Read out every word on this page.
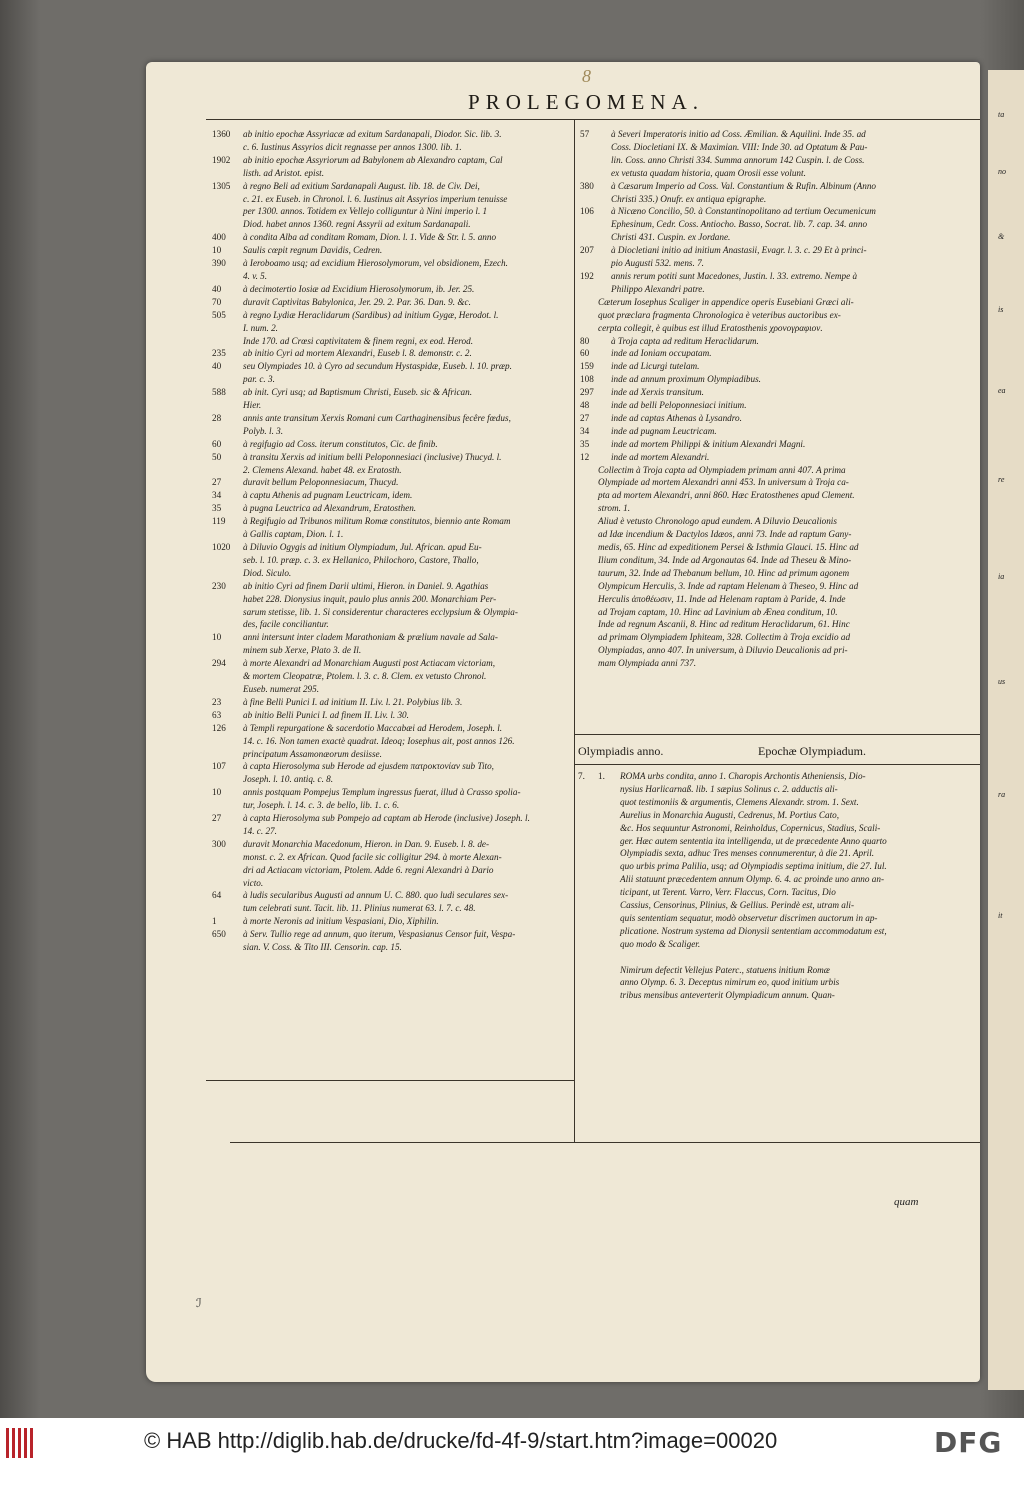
ta
no
&
is
ea
re
ia
us
ra
it
8
PROLEGOMENA.
1360	ab initio epochæ Assyriacæ ad exitum Sardanapali, Diodor. Sic. lib. 3.
c. 6. Iustinus Assyrios dicit regnasse per annos 1300. lib. 1.
1902	ab initio epochæ Assyriorum ad Babylonem ab Alexandro captam, Cal
listh. ad Aristot. epist.
1305	à regno Beli ad exitium Sardanapali August. lib. 18. de Civ. Dei,
c. 21. ex Euseb. in Chronol. l. 6. Iustinus ait Assyrios imperium tenuisse
per 1300. annos. Totidem ex Vellejo colliguntur à Nini imperio l. 1
Diod. habet annos 1360. regni Assyrii ad exitum Sardanapali.
400	à condita Alba ad conditam Romam, Dion. l. 1. Vide & Str. l. 5. anno
10	Saulis cœpit regnum Davidis, Cedren.
390	à Ieroboamo usq; ad excidium Hierosolymorum, vel obsidionem, Ezech.
4. v. 5.
40	à decimotertio Iosiæ ad Excidium Hierosolymorum, ib. Jer. 25.
70	duravit Captivitas Babylonica, Jer. 29. 2. Par. 36. Dan. 9. &c.
505	à regno Lydiæ Heraclidarum (Sardibus) ad initium Gygæ, Herodot. l.
I. num. 2.
Inde 170. ad Crœsi captivitatem & finem regni, ex eod. Herod.
235	ab initio Cyri ad mortem Alexandri, Euseb l. 8. demonstr. c. 2.
40	seu Olympiades 10. à Cyro ad secundum Hystaspidæ, Euseb. l. 10. præp.
par. c. 3.
588	ab init. Cyri usq; ad Baptismum Christi, Euseb. sic & African.
Hier.
28	annis ante transitum Xerxis Romani cum Carthaginensibus fecêre fœdus,
Polyb. l. 3.
60	à regifugio ad Coss. iterum constitutos, Cic. de finib.
50	à transitu Xerxis ad initium belli Peloponnesiaci (inclusive) Thucyd. l.
2. Clemens Alexand. habet 48. ex Eratosth.
27	duravit bellum Peloponnesiacum, Thucyd.
34	à captu Athenis ad pugnam Leuctricam, idem.
35	à pugna Leuctrica ad Alexandrum, Eratosthen.
119	à Regifugio ad Tribunos militum Romæ constitutos, biennio ante Romam
à Gallis captam, Dion. l. 1.
1020	à Diluvio Ogygis ad initium Olympiadum, Jul. African. apud Eu-
seb. l. 10. præp. c. 3. ex Hellanico, Philochoro, Castore, Thallo,
Diod. Siculo.
230	ab initio Cyri ad finem Darii ultimi, Hieron. in Daniel. 9. Agathias
habet 228. Dionysius inquit, paulo plus annis 200. Monarchiam Per-
sarum stetisse, lib. 1. Si considerentur characteres ecclypsium & Olympia-
des, facile conciliantur.
10	anni intersunt inter cladem Marathoniam & prælium navale ad Sala-
minem sub Xerxe, Plato 3. de Il.
294	à morte Alexandri ad Monarchiam Augusti post Actiacam victoriam,
& mortem Cleopatræ, Ptolem. l. 3. c. 8. Clem. ex vetusto Chronol.
Euseb. numerat 295.
23	à fine Belli Punici I. ad initium II. Liv. l. 21. Polybius lib. 3.
63	ab initio Belli Punici I. ad finem II. Liv. l. 30.
126	à Templi repurgatione & sacerdotio Maccabæi ad Herodem, Joseph. l.
14. c. 16. Non tamen exactè quadrat. Ideoq; Iosephus ait, post annos 126.
principatum Assamonæorum desiisse.
107	à capta Hierosolyma sub Herode ad ejusdem πατροκτονίαν sub Tito,
Joseph. l. 10. antiq. c. 8.
10	annis postquam Pompejus Templum ingressus fuerat, illud à Crasso spolia-
tur, Joseph. l. 14. c. 3. de bello, lib. 1. c. 6.
27	à capta Hierosolyma sub Pompejo ad captam ab Herode (inclusive) Joseph. l.
14. c. 27.
300	duravit Monarchia Macedonum, Hieron. in Dan. 9. Euseb. l. 8. de-
monst. c. 2. ex African. Quod facile sic colligitur 294. à morte Alexan-
dri ad Actiacam victoriam, Ptolem. Adde 6. regni Alexandri à Dario
victo.
64	à ludis secularibus Augusti ad annum U. C. 880. quo ludi seculares sex-
tum celebrati sunt. Tacit. lib. 11. Plinius numerat 63. l. 7. c. 48.
1	à morte Neronis ad initium Vespasiani, Dio, Xiphilin.
650	à Serv. Tullio rege ad annum, quo iterum, Vespasianus Censor fuit, Vespa-
sian. V. Coss. & Tito III. Censorin. cap. 15.
57	à Severi Imperatoris initio ad Coss. Æmilian. & Aquilini. Inde 35. ad
Coss. Diocletiani IX. & Maximian. VIII: Inde 30. ad Optatum & Pau-
lin. Coss. anno Christi 334. Summa annorum 142 Cuspin. l. de Coss.
ex vetusta quadam historia, quam Orosii esse volunt.
380	à Cæsarum Imperio ad Coss. Val. Constantium & Rufin. Albinum (Anno
Christi 335.) Onufr. ex antiqua epigraphe.
106	à Nicæno Concilio, 50. à Constantinopolitano ad tertium Oecumenicum
Ephesinum, Cedr. Coss. Antiocho. Basso, Socrat. lib. 7. cap. 34. anno
Christi 431. Cuspin. ex Jordane.
207	à Diocletiani initio ad initium Anastasii, Evagr. l. 3. c. 29 Et à princi-
pio Augusti 532. mens. 7.
192	annis rerum potiti sunt Macedones, Justin. l. 33. extremo. Nempe à
Philippo Alexandri patre.
Cæterum Iosephus Scaliger in appendice operis Eusebiani Græci ali-
quot præclara fragmenta Chronologica è veteribus auctoribus ex-
cerpta collegit, è quibus est illud Eratosthenis χρονογραφιον.
80	à Troja capta ad reditum Heraclidarum.
60	inde ad Ioniam occupatam.
159	inde ad Licurgi tutelam.
108	inde ad annum proximum Olympiadibus.
297	inde ad Xerxis transitum.
48	inde ad belli Peloponnesiaci initium.
27	inde ad captas Athenas à Lysandro.
34	inde ad pugnam Leuctricam.
35	inde ad mortem Philippi & initium Alexandri Magni.
12	inde ad mortem Alexandri.
Collectim à Troja capta ad Olympiadem primam anni 407. A prima
Olympiade ad mortem Alexandri anni 453. In universum à Troja ca-
pta ad mortem Alexandri, anni 860. Hæc Eratosthenes apud Clement.
strom. 1.
Aliud è vetusto Chronologo apud eundem. A Diluvio Deucalionis
ad Idæ incendium & Dactylos Idæos, anni 73. Inde ad raptum Gany-
medis, 65. Hinc ad expeditionem Persei & Isthmia Glauci. 15. Hinc ad
Ilium conditum, 34. Inde ad Argonautas 64. Inde ad Theseu & Mino-
taurum, 32. Inde ad Thebanum bellum, 10. Hinc ad primum agonem
Olympicum Herculis, 3. Inde ad raptam Helenam à Theseo, 9. Hinc ad
Herculis ἀποθέωσιν, 11. Inde ad Helenam raptam à Paride, 4. Inde
ad Trojam captam, 10. Hinc ad Lavinium ab Ænea conditum, 10.
Inde ad regnum Ascanii, 8. Hinc ad reditum Heraclidarum, 61. Hinc
ad primam Olympiadem Iphiteam, 328. Collectim à Troja excidio ad
Olympiadas, anno 407. In universum, à Diluvio Deucalionis ad pri-
mam Olympiada anni 737.
Olympiadis anno.	Epochæ Olympiadum.
7. 1. ROMA urbs condita, anno 1. Charopis Archontis Atheniensis, Dio-
nysius Harlicarnaß. lib. 1 sæpius Solinus c. 2. adductis ali-
quot testimoniis & argumentis, Clemens Alexandr. strom. 1. Sext.
Aurelius in Monarchia Augusti, Cedrenus, M. Portius Cato,
&c. Hos sequuntur Astronomi, Reinholdus, Copernicus, Stadius, Scali-
ger. Hæc autem sententia ita intelligenda, ut de præcedente Anno quarto
Olympiadis sexta, adhuc Tres menses connumerentur, à die 21. April.
quo urbis prima Palilia, usq; ad Olympiadis septima initium, die 27. Iul.
Alii statuunt præcedentem annum Olymp. 6. 4. ac proinde uno anno an-
ticipant, ut Terent. Varro, Verr. Flaccus, Corn. Tacitus, Dio
Cassius, Censorinus, Plinius, & Gellius. Perindè est, utram ali-
quis sententiam sequatur, modò observetur discrimen auctorum in ap-
plicatione. Nostrum systema ad Dionysii sententiam accommodatum est,
quo modo & Scaliger.
Nimirum defectit Vellejus Paterc., statuens initium Romæ
anno Olymp. 6. 3. Deceptus nimirum eo, quod initium urbis
tribus mensibus anteverterit Olympiadicum annum. Quan-
quam
ℐ
© HAB http://diglib.hab.de/drucke/fd-4f-9/start.htm?image=00020	DFG
